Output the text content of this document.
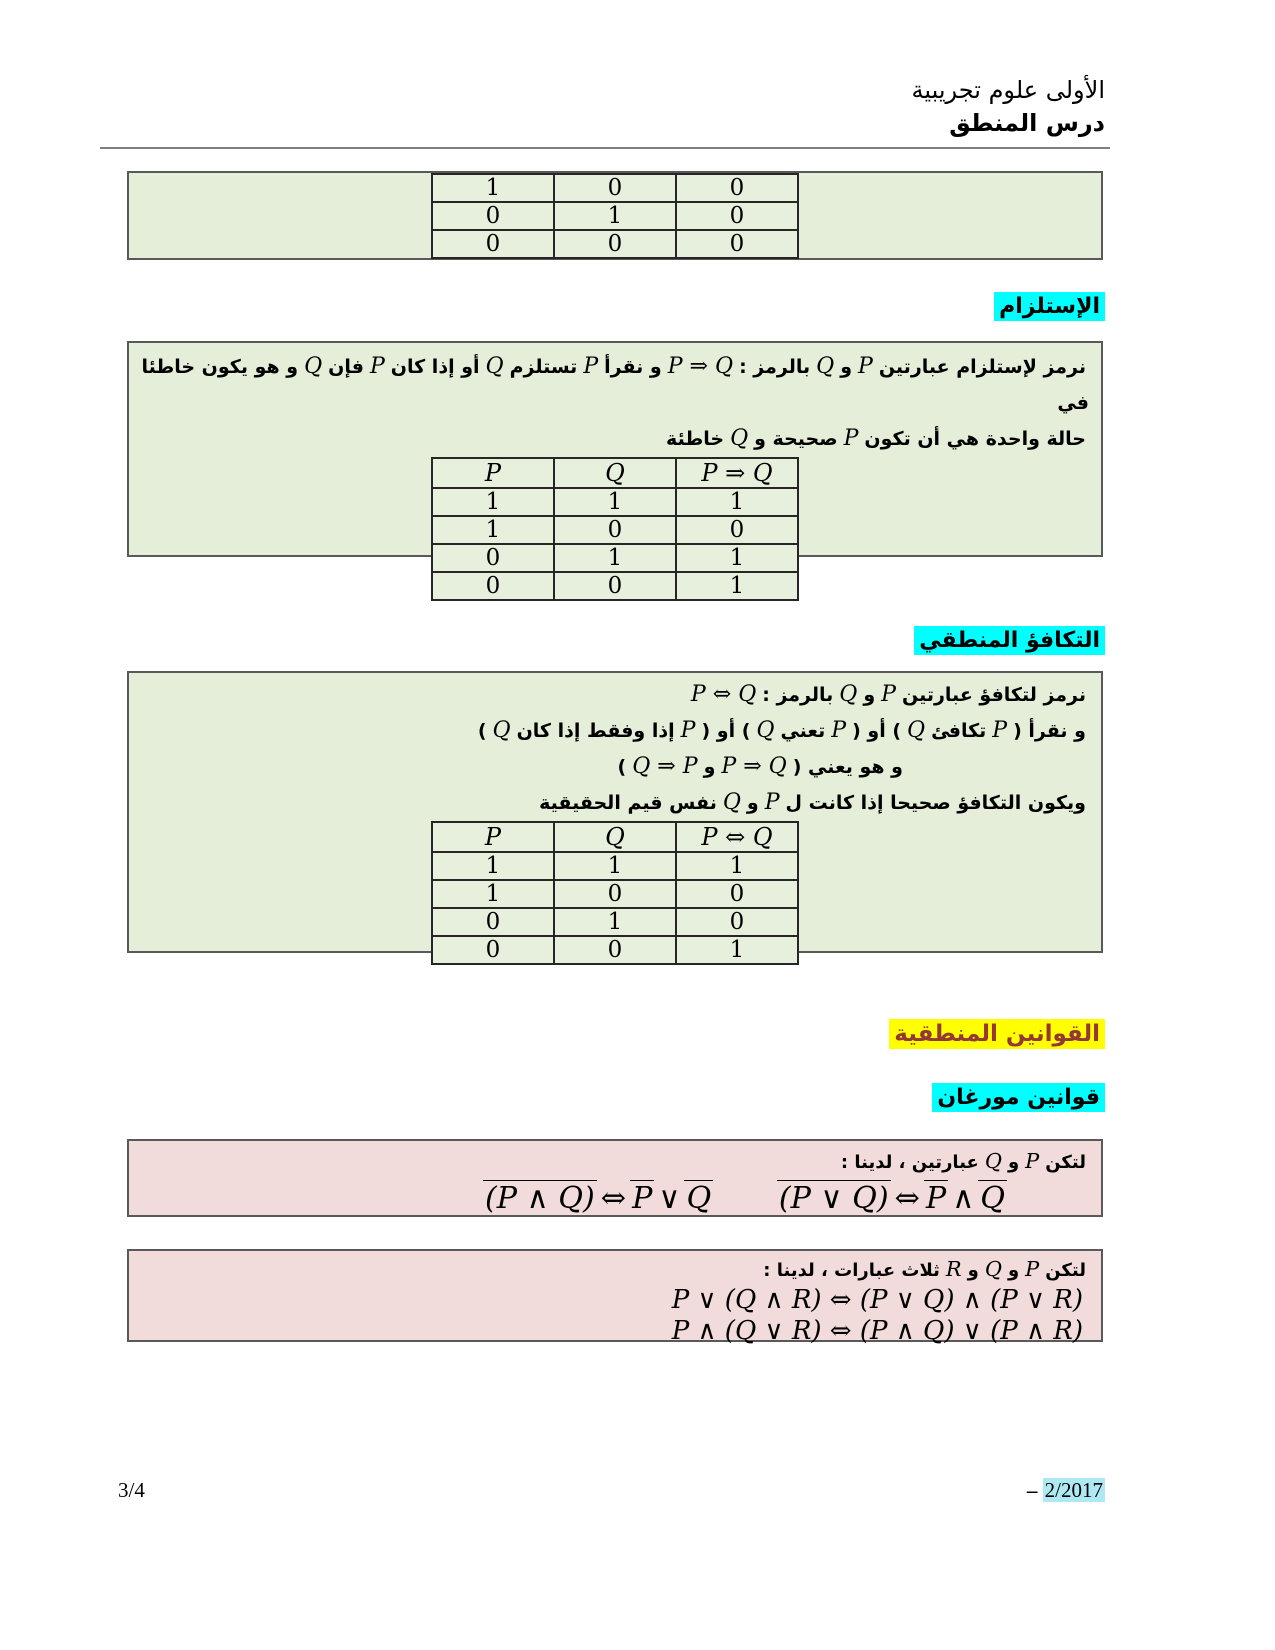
الأولى علوم تجريبية
درس المنطق
1	0	0
0	1	0
0	0	0
الإستلزام
نرمز لإستلزام عبارتينPوQبالرمز :P ⇒ Qو نقرأPتستلزمQأو إذا كانPفإنQو هو يكون خاطئا في
حالة واحدة هي أن تكونPصحيحة وQخاطئة
P	Q	P ⇒ Q
1	1	1
1	0	0
0	1	1
0	0	1
التكافؤ المنطقي
نرمز لتكافؤ عبارتينPوQبالرمز :P ⇔ Q
و نقرأ (PتكافئQ) أو (PتعنيQ) أو (Pإذا وفقط إذا كانQ)
و هو يعني (P ⇒ QوQ ⇒ P)
ويكون التكافؤ صحيحا إذا كانت لPوQنفس قيم الحقيقية
P	Q	P ⇔ Q
1	1	1
1	0	0
0	1	0
0	0	1
القوانين المنطقية
قوانين مورغان
لتكنPوQعبارتين ، لدينا :
(P ∧ Q) ⇔ P ∨ Q (P ∨ Q) ⇔ P ∧ Q
لتكنPوQوRثلاث عبارات ، لدينا :
P ∨ (Q ∧ R) ⇔ (P ∨ Q) ∧ (P ∨ R)
P ∧ (Q ∨ R) ⇔ (P ∧ Q) ∨ (P ∧ R)
3/4	– 2/2017
